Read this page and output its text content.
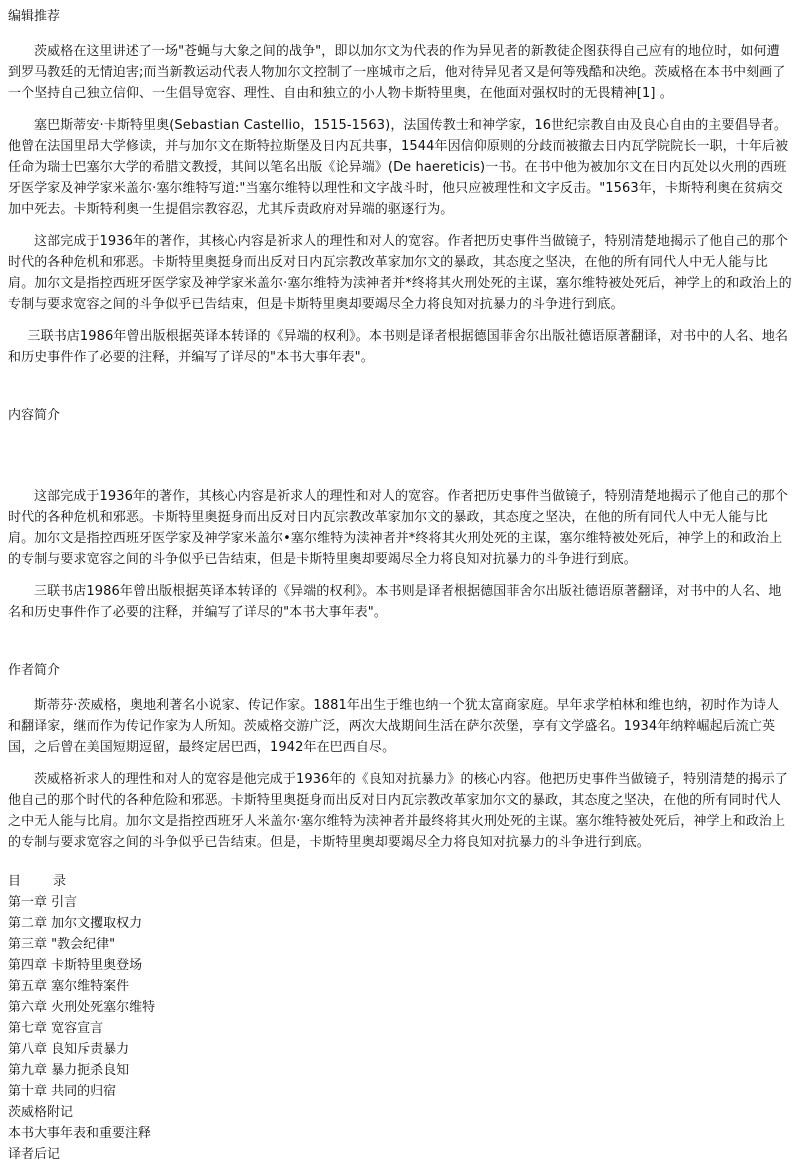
编辑推荐

茨威格在这里讲述了一场"苍蝇与大象之间的战争"，即以加尔文为代表的作为异见者的新教徒企图获得自己应有的地位时，如何遭到罗马教廷的无情迫害;而当新教运动代表人物加尔文控制了一座城市之后，他对待异见者又是何等残酷和决绝。茨威格在本书中刻画了一个坚持自己独立信仰、一生倡导宽容、理性、自由和独立的小人物卡斯特里奥，在他面对强权时的无畏精神[1] 。

塞巴斯蒂安·卡斯特里奥(Sebastian Castellio，1515-1563)，法国传教士和神学家，16世纪宗教自由及良心自由的主要倡导者。他曾在法国里昂大学修读，并与加尔文在斯特拉斯堡及日内瓦共事，1544年因信仰原则的分歧而被撤去日内瓦学院院长一职，十年后被任命为瑞士巴塞尔大学的希腊文教授，其间以笔名出版《论异端》(De haereticis)一书。在书中他为被加尔文在日内瓦处以火刑的西班牙医学家及神学家米盖尔·塞尔维特写道:"当塞尔维特以理性和文字战斗时，他只应被理性和文字反击。"1563年，卡斯特利奥在贫病交加中死去。卡斯特利奥一生提倡宗教容忍，尤其斥责政府对异端的驱逐行为。

这部完成于1936年的著作，其核心内容是祈求人的理性和对人的宽容。作者把历史事件当做镜子，特别清楚地揭示了他自己的那个时代的各种危机和邪恶。卡斯特里奥挺身而出反对日内瓦宗教改革家加尔文的暴政，其态度之坚决，在他的所有同代人中无人能与比肩。加尔文是指控西班牙医学家及神学家米盖尔·塞尔维特为渎神者并*终将其火刑处死的主谋，塞尔维特被处死后，神学上的和政治上的专制与要求宽容之间的斗争似乎已告结束，但是卡斯特里奥却要竭尽全力将良知对抗暴力的斗争进行到底。

三联书店1986年曾出版根据英译本转译的《异端的权利》。本书则是译者根据德国菲舍尔出版社德语原著翻译，对书中的人名、地名和历史事件作了必要的注释，并编写了详尽的"本书大事年表"。

内容简介

这部完成于1936年的著作，其核心内容是祈求人的理性和对人的宽容。作者把历史事件当做镜子，特别清楚地揭示了他自己的那个时代的各种危机和邪恶。卡斯特里奥挺身而出反对日内瓦宗教改革家加尔文的暴政，其态度之坚决，在他的所有同代人中无人能与比肩。加尔文是指控西班牙医学家及神学家米盖尔•塞尔维特为渎神者并*终将其火刑处死的主谋，塞尔维特被处死后，神学上的和政治上的专制与要求宽容之间的斗争似乎已告结束，但是卡斯特里奥却要竭尽全力将良知对抗暴力的斗争进行到底。

三联书店1986年曾出版根据英译本转译的《异端的权利》。本书则是译者根据德国菲舍尔出版社德语原著翻译，对书中的人名、地名和历史事件作了必要的注释，并编写了详尽的"本书大事年表"。

作者简介

斯蒂芬·茨威格，奥地利著名小说家、传记作家。1881年出生于维也纳一个犹太富商家庭。早年求学柏林和维也纳，初时作为诗人和翻译家，继而作为传记作家为人所知。茨威格交游广泛，两次大战期间生活在萨尔茨堡，享有文学盛名。1934年纳粹崛起后流亡英国，之后曾在美国短期逗留，最终定居巴西，1942年在巴西自尽。

茨威格祈求人的理性和对人的宽容是他完成于1936年的《良知对抗暴力》的核心内容。他把历史事件当做镜子，特别清楚的揭示了他自己的那个时代的各种危险和邪恶。卡斯特里奥挺身而出反对日内瓦宗教改革家加尔文的暴政，其态度之坚决，在他的所有同时代人之中无人能与比肩。加尔文是指控西班牙人米盖尔·塞尔维特为渎神者并最终将其火刑处死的主谋。塞尔维特被处死后，神学上和政治上的专制与要求宽容之间的斗争似乎已告结束。但是，卡斯特里奥却要竭尽全力将良知对抗暴力的斗争进行到底。

目 录
第一章 引言
第二章 加尔文攫取权力
第三章 "教会纪律"
第四章 卡斯特里奥登场
第五章 塞尔维特案件
第六章 火刑处死塞尔维特
第七章 宽容宣言
第八章 良知斥责暴力
第九章 暴力扼杀良知
第十章 共同的归宿
茨威格附记
本书大事年表和重要注释
译者后记
